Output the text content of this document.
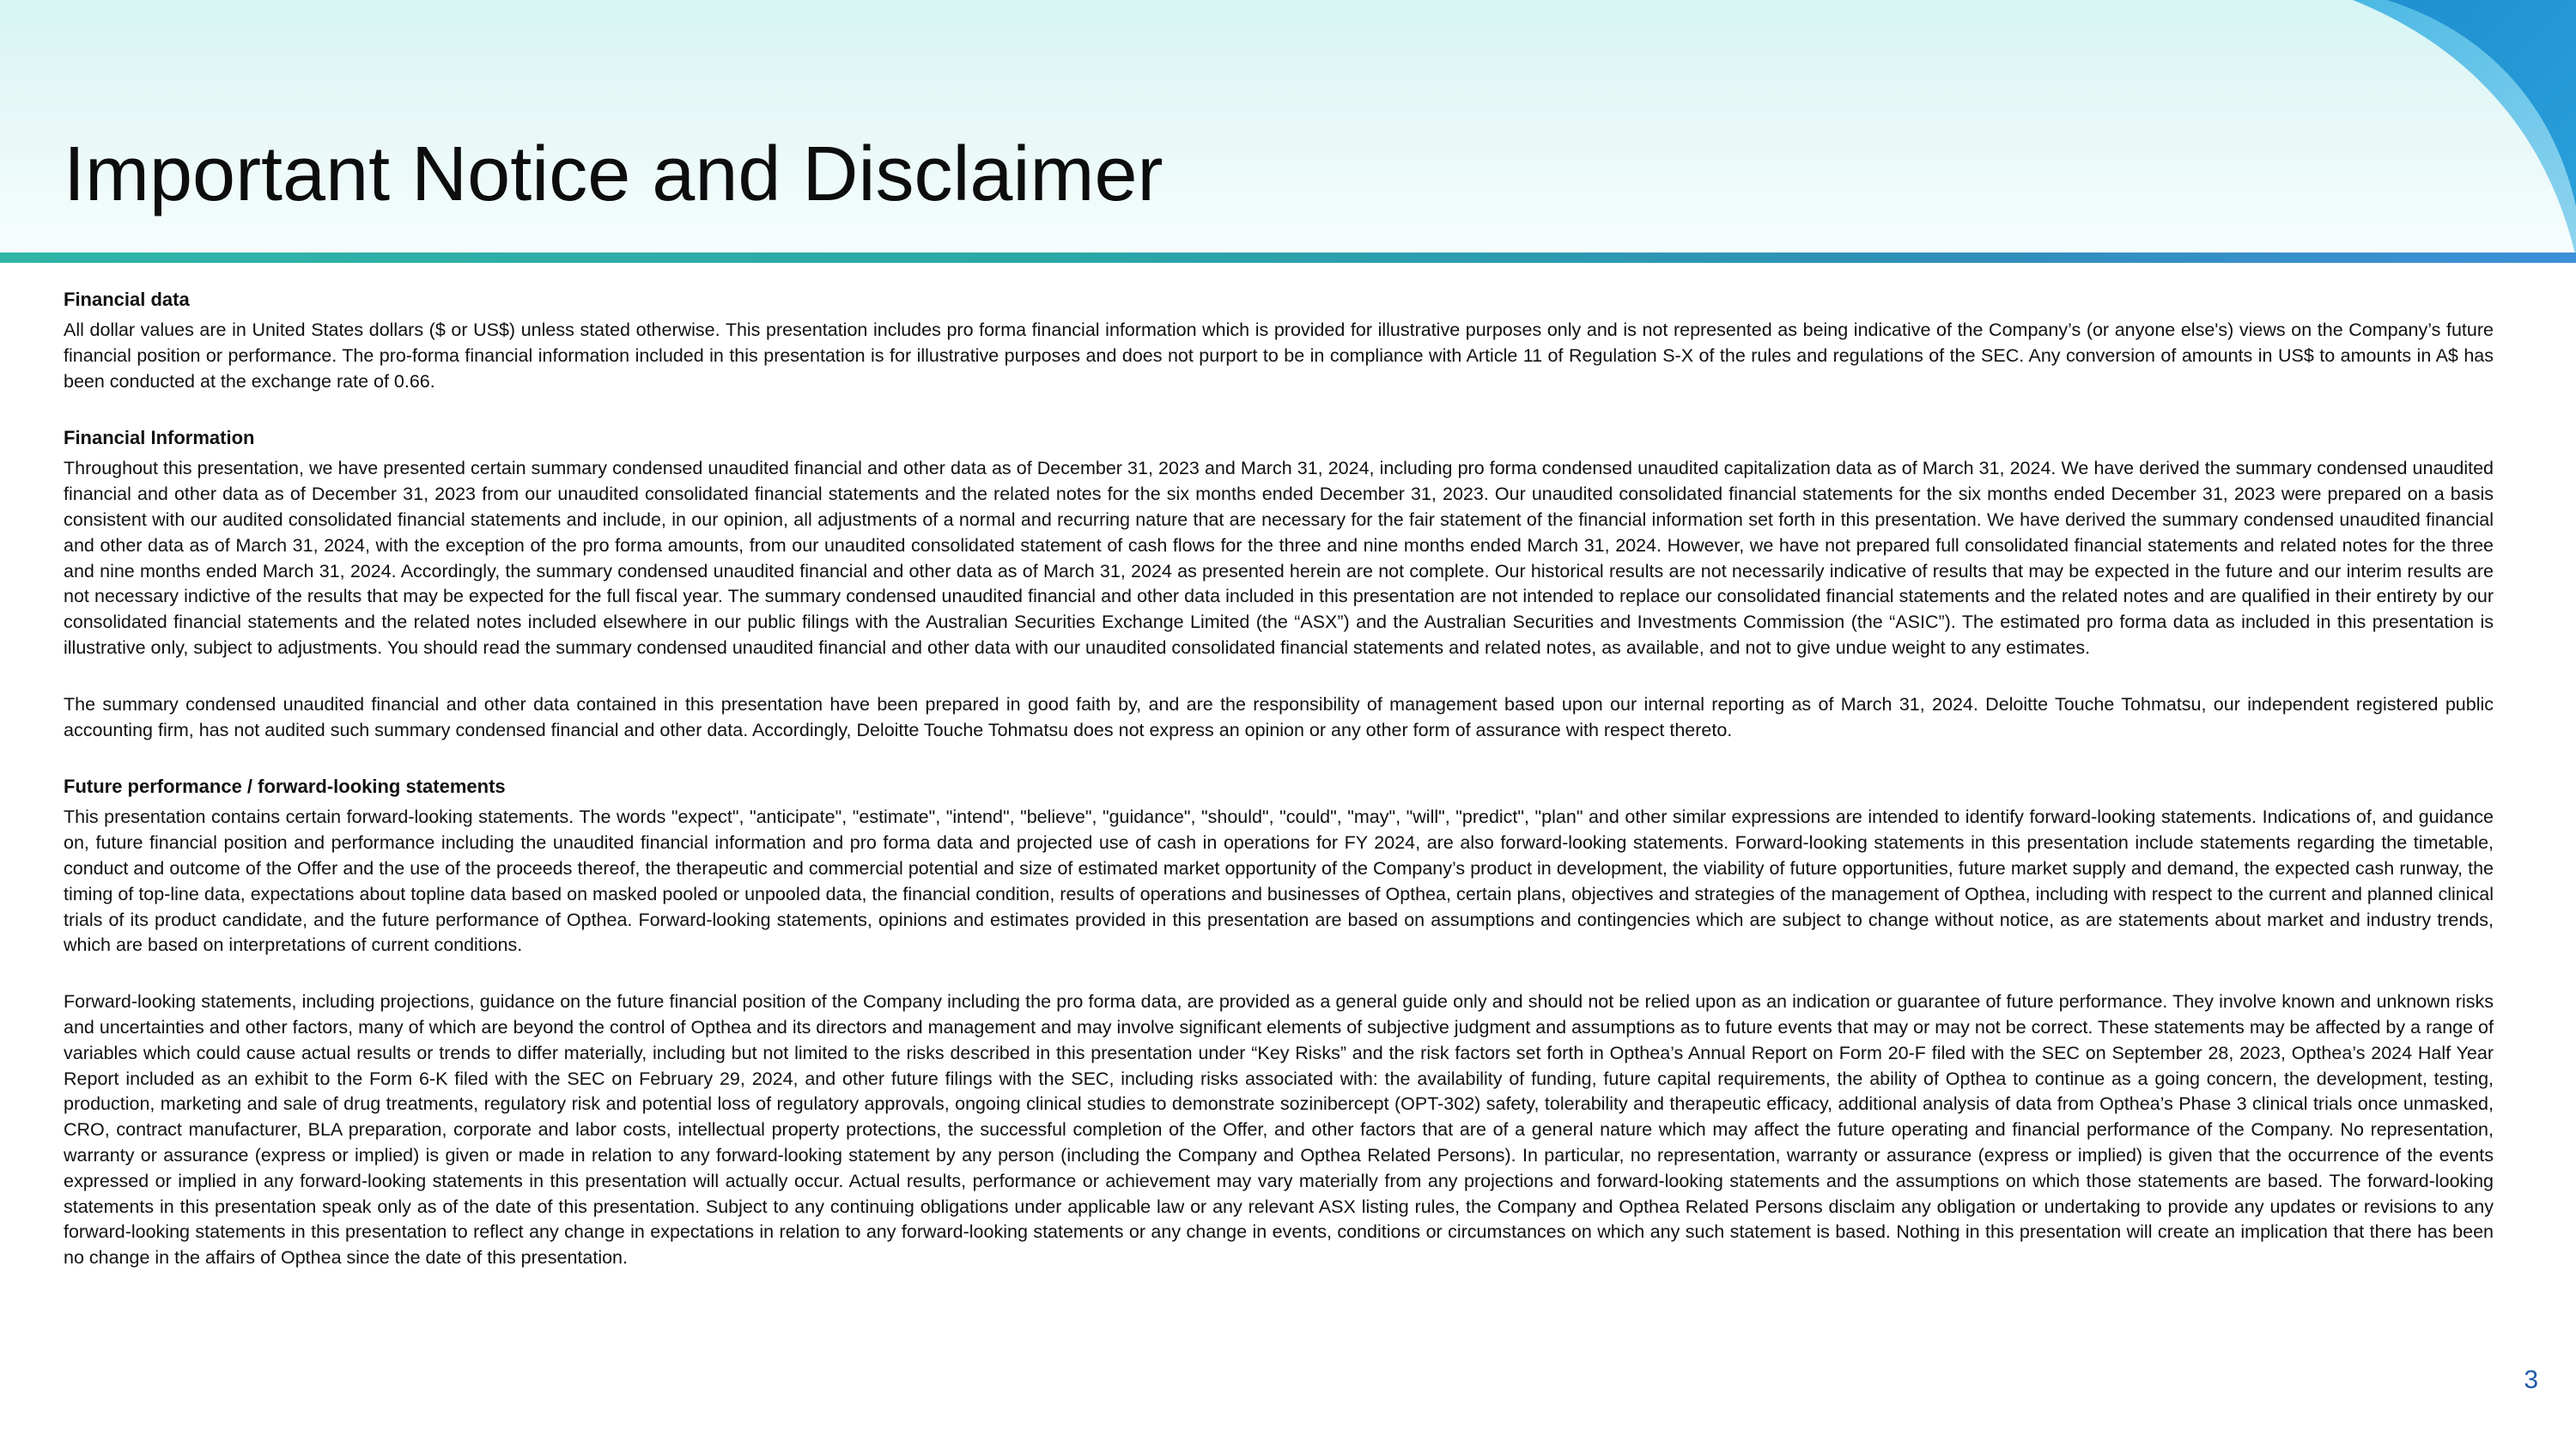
Important Notice and Disclaimer

Financial data

All dollar values are in United States dollars ($ or US$) unless stated otherwise. This presentation includes pro forma financial information which is provided for illustrative purposes only and is not represented as being indicative of the Company’s (or anyone else's) views on the Company’s future financial position or performance. The pro-forma financial information included in this presentation is for illustrative purposes and does not purport to be in compliance with Article 11 of Regulation S-X of the rules and regulations of the SEC. Any conversion of amounts in US$ to amounts in A$ has been conducted at the exchange rate of 0.66.

Financial Information

Throughout this presentation, we have presented certain summary condensed unaudited financial and other data as of December 31, 2023 and March 31, 2024, including pro forma condensed unaudited capitalization data as of March 31, 2024. We have derived the summary condensed unaudited financial and other data as of December 31, 2023 from our unaudited consolidated financial statements and the related notes for the six months ended December 31, 2023. Our unaudited consolidated financial statements for the six months ended December 31, 2023 were prepared on a basis consistent with our audited consolidated financial statements and include, in our opinion, all adjustments of a normal and recurring nature that are necessary for the fair statement of the financial information set forth in this presentation. We have derived the summary condensed unaudited financial and other data as of March 31, 2024, with the exception of the pro forma amounts, from our unaudited consolidated statement of cash flows for the three and nine months ended March 31, 2024. However, we have not prepared full consolidated financial statements and related notes for the three and nine months ended March 31, 2024. Accordingly, the summary condensed unaudited financial and other data as of March 31, 2024 as presented herein are not complete. Our historical results are not necessarily indicative of results that may be expected in the future and our interim results are not necessary indictive of the results that may be expected for the full fiscal year. The summary condensed unaudited financial and other data included in this presentation are not intended to replace our consolidated financial statements and the related notes and are qualified in their entirety by our consolidated financial statements and the related notes included elsewhere in our public filings with the Australian Securities Exchange Limited (the “ASX”) and the Australian Securities and Investments Commission (the “ASIC”). The estimated pro forma data as included in this presentation is illustrative only, subject to adjustments. You should read the summary condensed unaudited financial and other data with our unaudited consolidated financial statements and related notes, as available, and not to give undue weight to any estimates.

The summary condensed unaudited financial and other data contained in this presentation have been prepared in good faith by, and are the responsibility of management based upon our internal reporting as of March 31, 2024. Deloitte Touche Tohmatsu, our independent registered public accounting firm, has not audited such summary condensed financial and other data. Accordingly, Deloitte Touche Tohmatsu does not express an opinion or any other form of assurance with respect thereto.

Future performance / forward-looking statements

This presentation contains certain forward-looking statements. The words "expect", "anticipate", "estimate", "intend", "believe", "guidance", "should", "could", "may", "will", "predict", "plan" and other similar expressions are intended to identify forward-looking statements. Indications of, and guidance on, future financial position and performance including the unaudited financial information and pro forma data and projected use of cash in operations for FY 2024, are also forward-looking statements. Forward-looking statements in this presentation include statements regarding the timetable, conduct and outcome of the Offer and the use of the proceeds thereof, the therapeutic and commercial potential and size of estimated market opportunity of the Company’s product in development, the viability of future opportunities, future market supply and demand, the expected cash runway, the timing of top-line data, expectations about topline data based on masked pooled or unpooled data, the financial condition, results of operations and businesses of Opthea, certain plans, objectives and strategies of the management of Opthea, including with respect to the current and planned clinical trials of its product candidate, and the future performance of Opthea. Forward-looking statements, opinions and estimates provided in this presentation are based on assumptions and contingencies which are subject to change without notice, as are statements about market and industry trends, which are based on interpretations of current conditions.

Forward-looking statements, including projections, guidance on the future financial position of the Company including the pro forma data, are provided as a general guide only and should not be relied upon as an indication or guarantee of future performance. They involve known and unknown risks and uncertainties and other factors, many of which are beyond the control of Opthea and its directors and management and may involve significant elements of subjective judgment and assumptions as to future events that may or may not be correct. These statements may be affected by a range of variables which could cause actual results or trends to differ materially, including but not limited to the risks described in this presentation under “Key Risks” and the risk factors set forth in Opthea’s Annual Report on Form 20-F filed with the SEC on September 28, 2023, Opthea’s 2024 Half Year Report included as an exhibit to the Form 6-K filed with the SEC on February 29, 2024, and other future filings with the SEC, including risks associated with: the availability of funding, future capital requirements, the ability of Opthea to continue as a going concern, the development, testing, production, marketing and sale of drug treatments, regulatory risk and potential loss of regulatory approvals, ongoing clinical studies to demonstrate sozinibercept (OPT-302) safety, tolerability and therapeutic efficacy, additional analysis of data from Opthea’s Phase 3 clinical trials once unmasked, CRO, contract manufacturer, BLA preparation, corporate and labor costs, intellectual property protections, the successful completion of the Offer, and other factors that are of a general nature which may affect the future operating and financial performance of the Company. No representation, warranty or assurance (express or implied) is given or made in relation to any forward-looking statement by any person (including the Company and Opthea Related Persons). In particular, no representation, warranty or assurance (express or implied) is given that the occurrence of the events expressed or implied in any forward-looking statements in this presentation will actually occur. Actual results, performance or achievement may vary materially from any projections and forward-looking statements and the assumptions on which those statements are based. The forward-looking statements in this presentation speak only as of the date of this presentation. Subject to any continuing obligations under applicable law or any relevant ASX listing rules, the Company and Opthea Related Persons disclaim any obligation or undertaking to provide any updates or revisions to any forward-looking statements in this presentation to reflect any change in expectations in relation to any forward-looking statements or any change in events, conditions or circumstances on which any such statement is based. Nothing in this presentation will create an implication that there has been no change in the affairs of Opthea since the date of this presentation.

3
